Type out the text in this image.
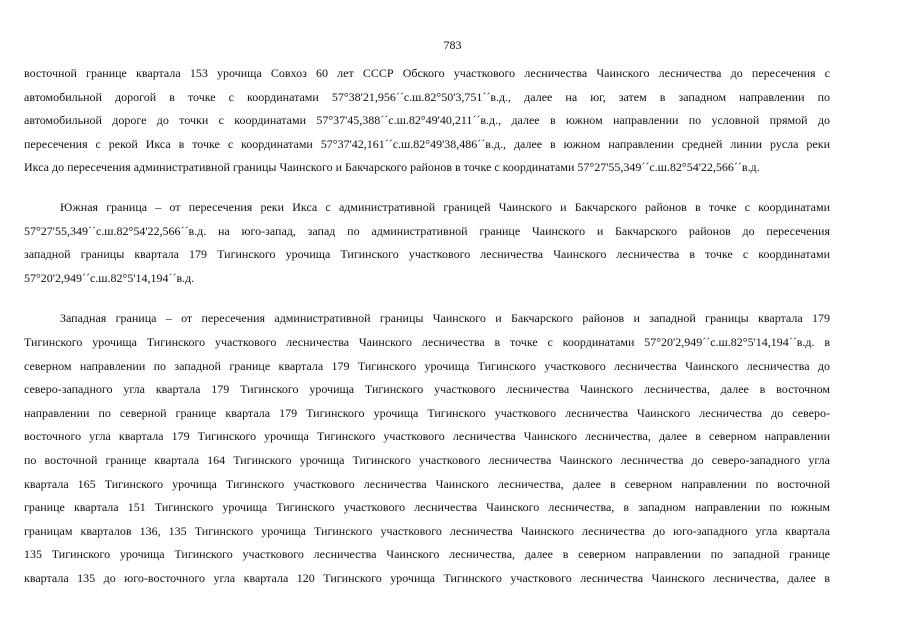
783

восточной границе квартала 153 урочища Совхоз 60 лет СССР Обского участкового лесничества Чаинского лесничества до пересечения с
автомобильной дорогой в точке с координатами 57°38'21,956´´с.ш.82°50'3,751´´в.д., далее на юг, затем в западном направлении по
автомобильной дороге до точки с координатами 57°37'45,388´´с.ш.82°49'40,211´´в.д., далее в южном направлении по условной прямой до
пересечения с рекой Икса в точке с координатами 57°37'42,161´´с.ш.82°49'38,486´´в.д., далее в южном направлении средней линии русла реки
Икса до пересечения административной границы Чаинского и Бакчарского районов в точке с координатами 57°27'55,349´´с.ш.82°54'22,566´´в.д.

Южная граница – от пересечения реки Икса с административной границей Чаинского и Бакчарского районов в точке с координатами
57°27'55,349´´с.ш.82°54'22,566´´в.д. на юго-запад, запад по административной границе Чаинского и Бакчарского районов до пересечения
западной границы квартала 179 Тигинского урочища Тигинского участкового лесничества Чаинского лесничества в точке с координатами
57°20'2,949´´с.ш.82°5'14,194´´в.д.

Западная граница – от пересечения административной границы Чаинского и Бакчарского районов и западной границы квартала 179
Тигинского урочища Тигинского участкового лесничества Чаинского лесничества в точке с координатами 57°20'2,949´´с.ш.82°5'14,194´´в.д. в
северном направлении по западной границе квартала 179 Тигинского урочища Тигинского участкового лесничества Чаинского лесничества до
северо-западного угла квартала 179 Тигинского урочища Тигинского участкового лесничества Чаинского лесничества, далее в восточном
направлении по северной границе квартала 179 Тигинского урочища Тигинского участкового лесничества Чаинского лесничества до северо-
восточного угла квартала 179 Тигинского урочища Тигинского участкового лесничества Чаинского лесничества, далее в северном направлении
по восточной границе квартала 164 Тигинского урочища Тигинского участкового лесничества Чаинского лесничества до северо-западного угла
квартала 165 Тигинского урочища Тигинского участкового лесничества Чаинского лесничества, далее в северном направлении по восточной
границе квартала 151 Тигинского урочища Тигинского участкового лесничества Чаинского лесничества, в западном направлении по южным
границам кварталов 136, 135 Тигинского урочища Тигинского участкового лесничества Чаинского лесничества до юго-западного угла квартала
135 Тигинского урочища Тигинского участкового лесничества Чаинского лесничества, далее в северном направлении по западной границе
квартала 135 до юго-восточного угла квартала 120 Тигинского урочища Тигинского участкового лесничества Чаинского лесничества, далее в
